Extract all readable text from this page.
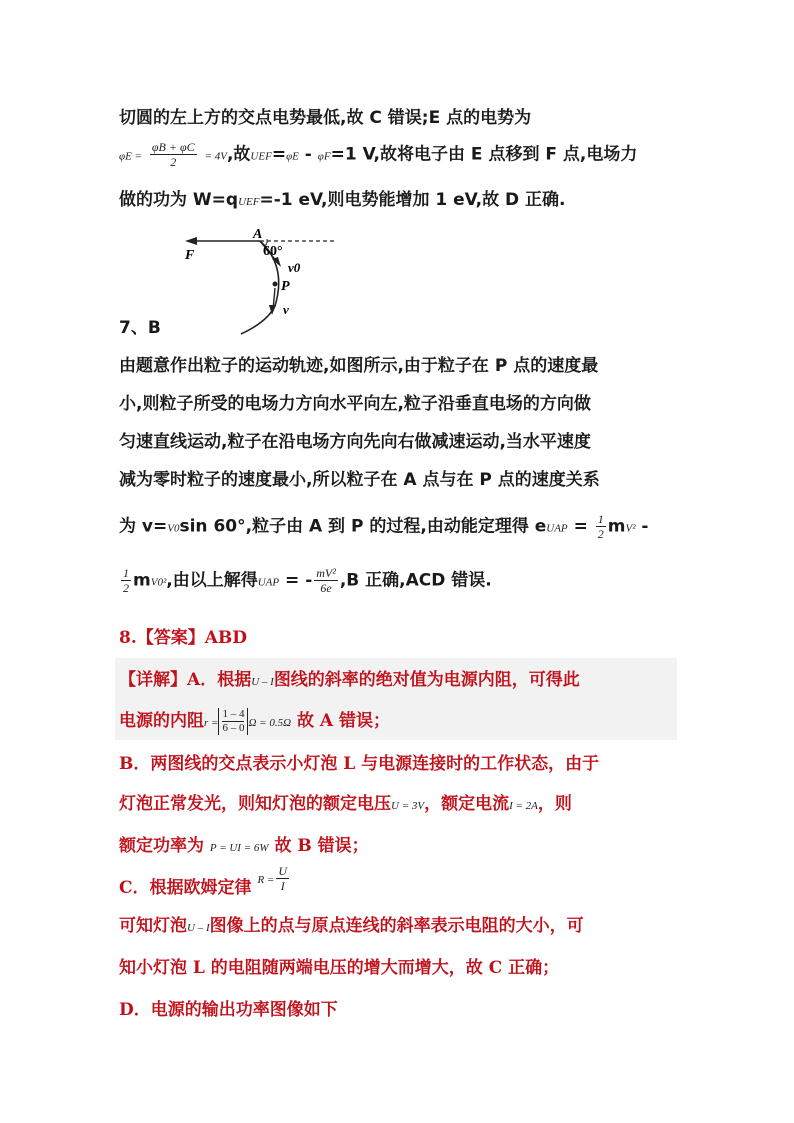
切圆的左上方的交点电势最低,故 C 错误;E 点的电势为
$\varphi E = \frac{\varphi B + \varphi C}{2} = 4V$,故UEF=φE - φF=1 V,故将电子由 E 点移到 F 点,电场力
做的功为 W=qUEF=-1 eV,则电势能增加 1 eV,故 D 正确.
A
60°
F
v0
P
v
7、B
由题意作出粒子的运动轨迹,如图所示,由于粒子在 P 点的速度最
小,则粒子所受的电场力方向水平向左,粒子沿垂直电场的方向做
匀速直线运动,粒子在沿电场方向先向右做减速运动,当水平速度
减为零时粒子的速度最小,所以粒子在 A 点与在 P 点的速度关系
为 v=V0sin 60°,粒子由 A 到 P 的过程,由动能定理得 eUAP = $\frac{1}{2} mV^2$ -
$\frac{1}{2} mV0^2$,由以上解得UAP = - $\frac{\text{mV²}}{6e} ,B$ 正确,ACD 错误.
8.【答案】ABD
【详解】A．根据U – I图线的斜率的绝对值为电源内阻，可得此
电源的内阻$r = \frac{1 - 4}{6 - 0}$ Ω = 0.5Ω 故 A 错误；
B．两图线的交点表示小灯泡 L 与电源连接时的工作状态，由于
灯泡正常发光，则知灯泡的额定电压U = 3V，额定电流I = 2A，则
额定功率为 P = UI = 6W 故 B 错误；
C．根据欧姆定律 $^{R =} \frac{U}{I}$
可知灯泡U – I图像上的点与原点连线的斜率表示电阻的大小，可
知小灯泡 L 的电阻随两端电压的增大而增大，故 C 正确；
D．电源的输出功率图像如下
